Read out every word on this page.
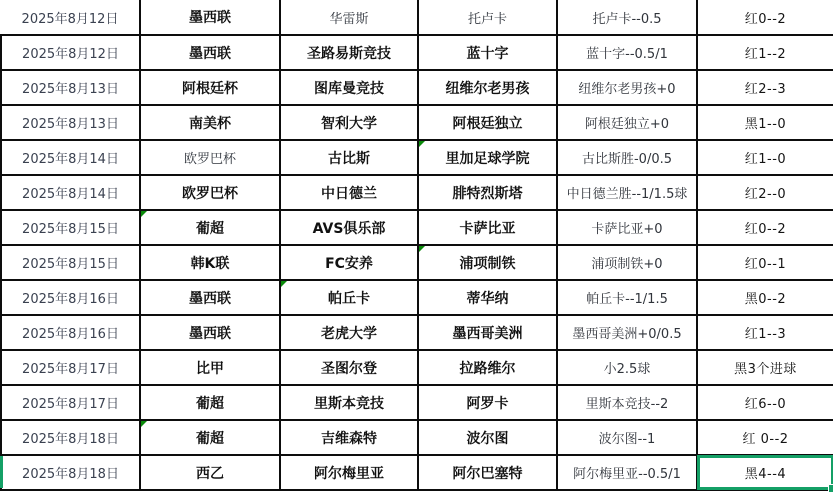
2025年8月12日	墨西联	华雷斯	托卢卡	托卢卡--0.5	红0--2
2025年8月12日	墨西联	圣路易斯竞技	蓝十字	蓝十字--0.5/1	红1--2
2025年8月13日	阿根廷杯	图库曼竞技	纽维尔老男孩	纽维尔老男孩+0	红2--3
2025年8月13日	南美杯	智利大学	阿根廷独立	阿根廷独立+0	黑1--0
2025年8月14日	欧罗巴杯	古比斯	里加足球学院	古比斯胜-0/0.5	红1--0
2025年8月14日	欧罗巴杯	中日德兰	腓特烈斯塔	中日德兰胜--1/1.5球	红2--0
2025年8月15日	葡超	AVS俱乐部	卡萨比亚	卡萨比亚+0	红0--2
2025年8月15日	韩K联	FC安养	浦项制铁	浦项制铁+0	红0--1
2025年8月16日	墨西联	帕丘卡	蒂华纳	帕丘卡--1/1.5	黑0--2
2025年8月16日	墨西联	老虎大学	墨西哥美洲	墨西哥美洲+0/0.5	红1--3
2025年8月17日	比甲	圣图尔登	拉路维尔	小2.5球	黑3个进球
2025年8月17日	葡超	里斯本竞技	阿罗卡	里斯本竞技--2	红6--0
2025年8月18日	葡超	吉维森特	波尔图	波尔图--1	红 0--2
2025年8月18日	西乙	阿尔梅里亚	阿尔巴塞特	阿尔梅里亚--0.5/1	黑4--4
